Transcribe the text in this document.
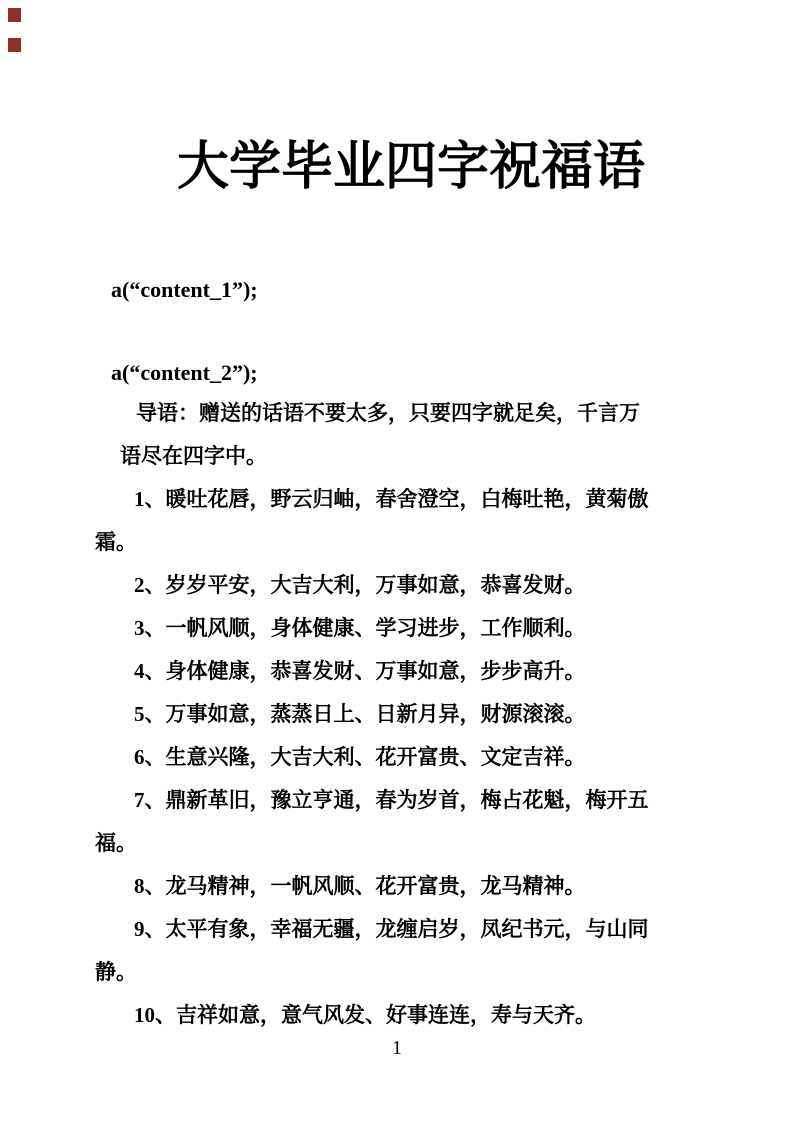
大学毕业四字祝福语

a(“content_1”);

a(“content_2”);

导语：赠送的话语不要太多，只要四字就足矣，千言万
语尽在四字中。
1、暖吐花唇，野云归岫，春舍澄空，白梅吐艳，黄菊傲
霜。
2、岁岁平安，大吉大利，万事如意，恭喜发财。
3、一帆风顺，身体健康、学习进步，工作顺利。
4、身体健康，恭喜发财、万事如意，步步高升。
5、万事如意，蒸蒸日上、日新月异，财源滚滚。
6、生意兴隆，大吉大利、花开富贵、文定吉祥。
7、鼎新革旧，豫立亨通，春为岁首，梅占花魁，梅开五
福。
8、龙马精神，一帆风顺、花开富贵，龙马精神。
9、太平有象，幸福无疆，龙缠启岁，凤纪书元，与山同
静。
10、吉祥如意，意气风发、好事连连，寿与天齐。

1
